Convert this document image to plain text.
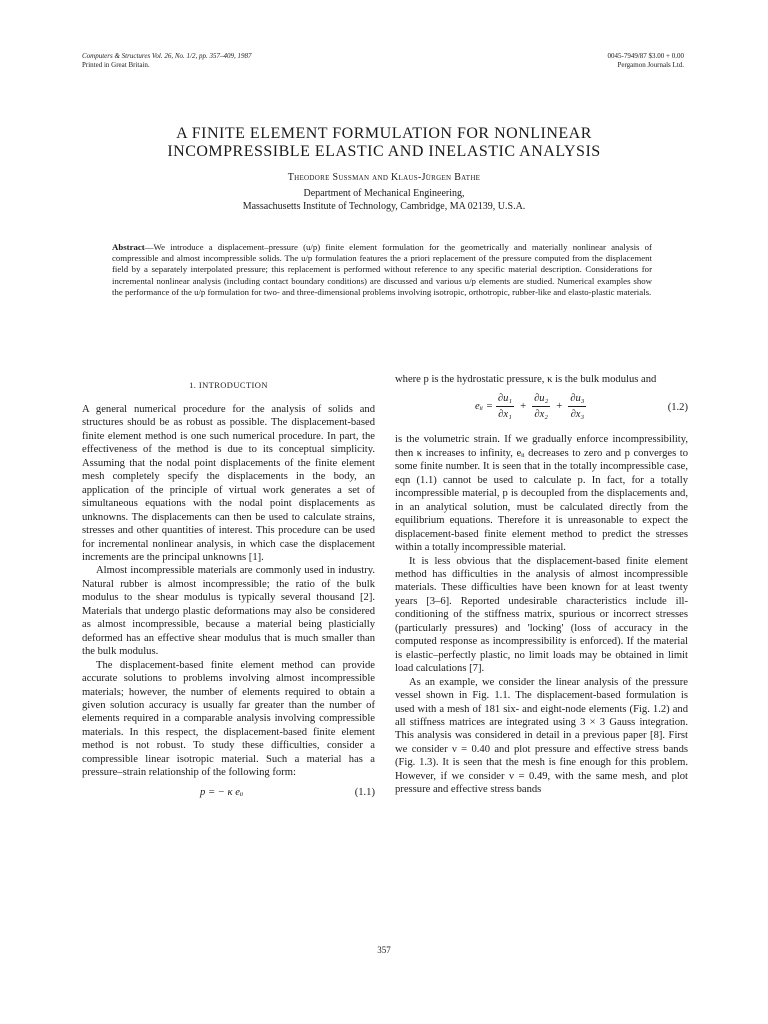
Computers & Structures Vol. 26, No. 1/2, pp. 357–409, 1987
Printed in Great Britain.
0045-7949/87 $3.00 + 0.00
Pergamon Journals Ltd.
A FINITE ELEMENT FORMULATION FOR NONLINEAR
INCOMPRESSIBLE ELASTIC AND INELASTIC ANALYSIS
Theodore Sussman and Klaus-Jürgen Bathe
Department of Mechanical Engineering,
Massachusetts Institute of Technology, Cambridge, MA 02139, U.S.A.
Abstract—We introduce a displacement–pressure (u/p) finite element formulation for the geometrically and materially nonlinear analysis of compressible and almost incompressible solids. The u/p formulation features the a priori replacement of the pressure computed from the displacement field by a separately interpolated pressure; this replacement is performed without reference to any specific material description. Considerations for incremental nonlinear analysis (including contact boundary conditions) are discussed and various u/p elements are studied. Numerical examples show the performance of the u/p formulation for two- and three-dimensional problems involving isotropic, orthotropic, rubber-like and elasto-plastic materials.
1. INTRODUCTION

A general numerical procedure for the analysis of solids and structures should be as robust as possible. The displacement-based finite element method is one such numerical procedure. In part, the effectiveness of the method is due to its conceptual simplicity. Assuming that the nodal point displacements of the finite element mesh completely specify the displacements in the body, an application of the principle of virtual work generates a set of simultaneous equations with the nodal point displacements as unknowns. The displacements can then be used to calculate strains, stresses and other quantities of interest. This procedure can be used for incremental nonlinear analysis, in which case the displacement increments are the principal unknowns [1].

Almost incompressible materials are commonly used in industry. Natural rubber is almost incompressible; the ratio of the bulk modulus to the shear modulus is typically several thousand [2]. Materials that undergo plastic deformations may also be considered as almost incompressible, because a material being plasticially deformed has an effective shear modulus that is much smaller than the bulk modulus.

The displacement-based finite element method can provide accurate solutions to problems involving almost incompressible materials; however, the number of elements required to obtain a given solution accuracy is usually far greater than the number of elements required in a comparable analysis involving compressible materials. In this respect, the displacement-based finite element method is not robust. To study these difficulties, consider a compressible linear isotropic material. Such a material has a pressure–strain relationship of the following form:

p = − κ eᵢᵢ	(1.1)

where p is the hydrostatic pressure, κ is the bulk modulus and

eᵢᵢ = $\frac{\text{∂u₁}}{\text{∂x₁}} + \frac{\text{∂u₂}}{\text{∂x₂}} + \frac{\text{∂u₃}}{\text{∂x₃}}$	(1.2)

is the volumetric strain. If we gradually enforce incompressibility, then κ increases to infinity, eᵢᵢ decreases to zero and p converges to some finite number. It is seen that in the totally incompressible case, eqn (1.1) cannot be used to calculate p. In fact, for a totally incompressible material, p is decoupled from the displacements and, in an analytical solution, must be calculated directly from the equilibrium equations. Therefore it is unreasonable to expect the displacement-based finite element method to predict the stresses within a totally incompressible material.

It is less obvious that the displacement-based finite element method has difficulties in the analysis of almost incompressible materials. These difficulties have been known for at least twenty years [3–6]. Reported undesirable characteristics include ill-conditioning of the stiffness matrix, spurious or incorrect stresses (particularly pressures) and 'locking' (loss of accuracy in the computed response as incompressibility is enforced). If the material is elastic–perfectly plastic, no limit loads may be obtained in limit load calculations [7].

As an example, we consider the linear analysis of the pressure vessel shown in Fig. 1.1. The displacement-based formulation is used with a mesh of 181 six- and eight-node elements (Fig. 1.2) and all stiffness matrices are integrated using 3 × 3 Gauss integration. This analysis was considered in detail in a previous paper [8]. First we consider ν = 0.40 and plot pressure and effective stress bands (Fig. 1.3). It is seen that the mesh is fine enough for this problem. However, if we consider ν = 0.49, with the same mesh, and plot pressure and effective stress bands

357
